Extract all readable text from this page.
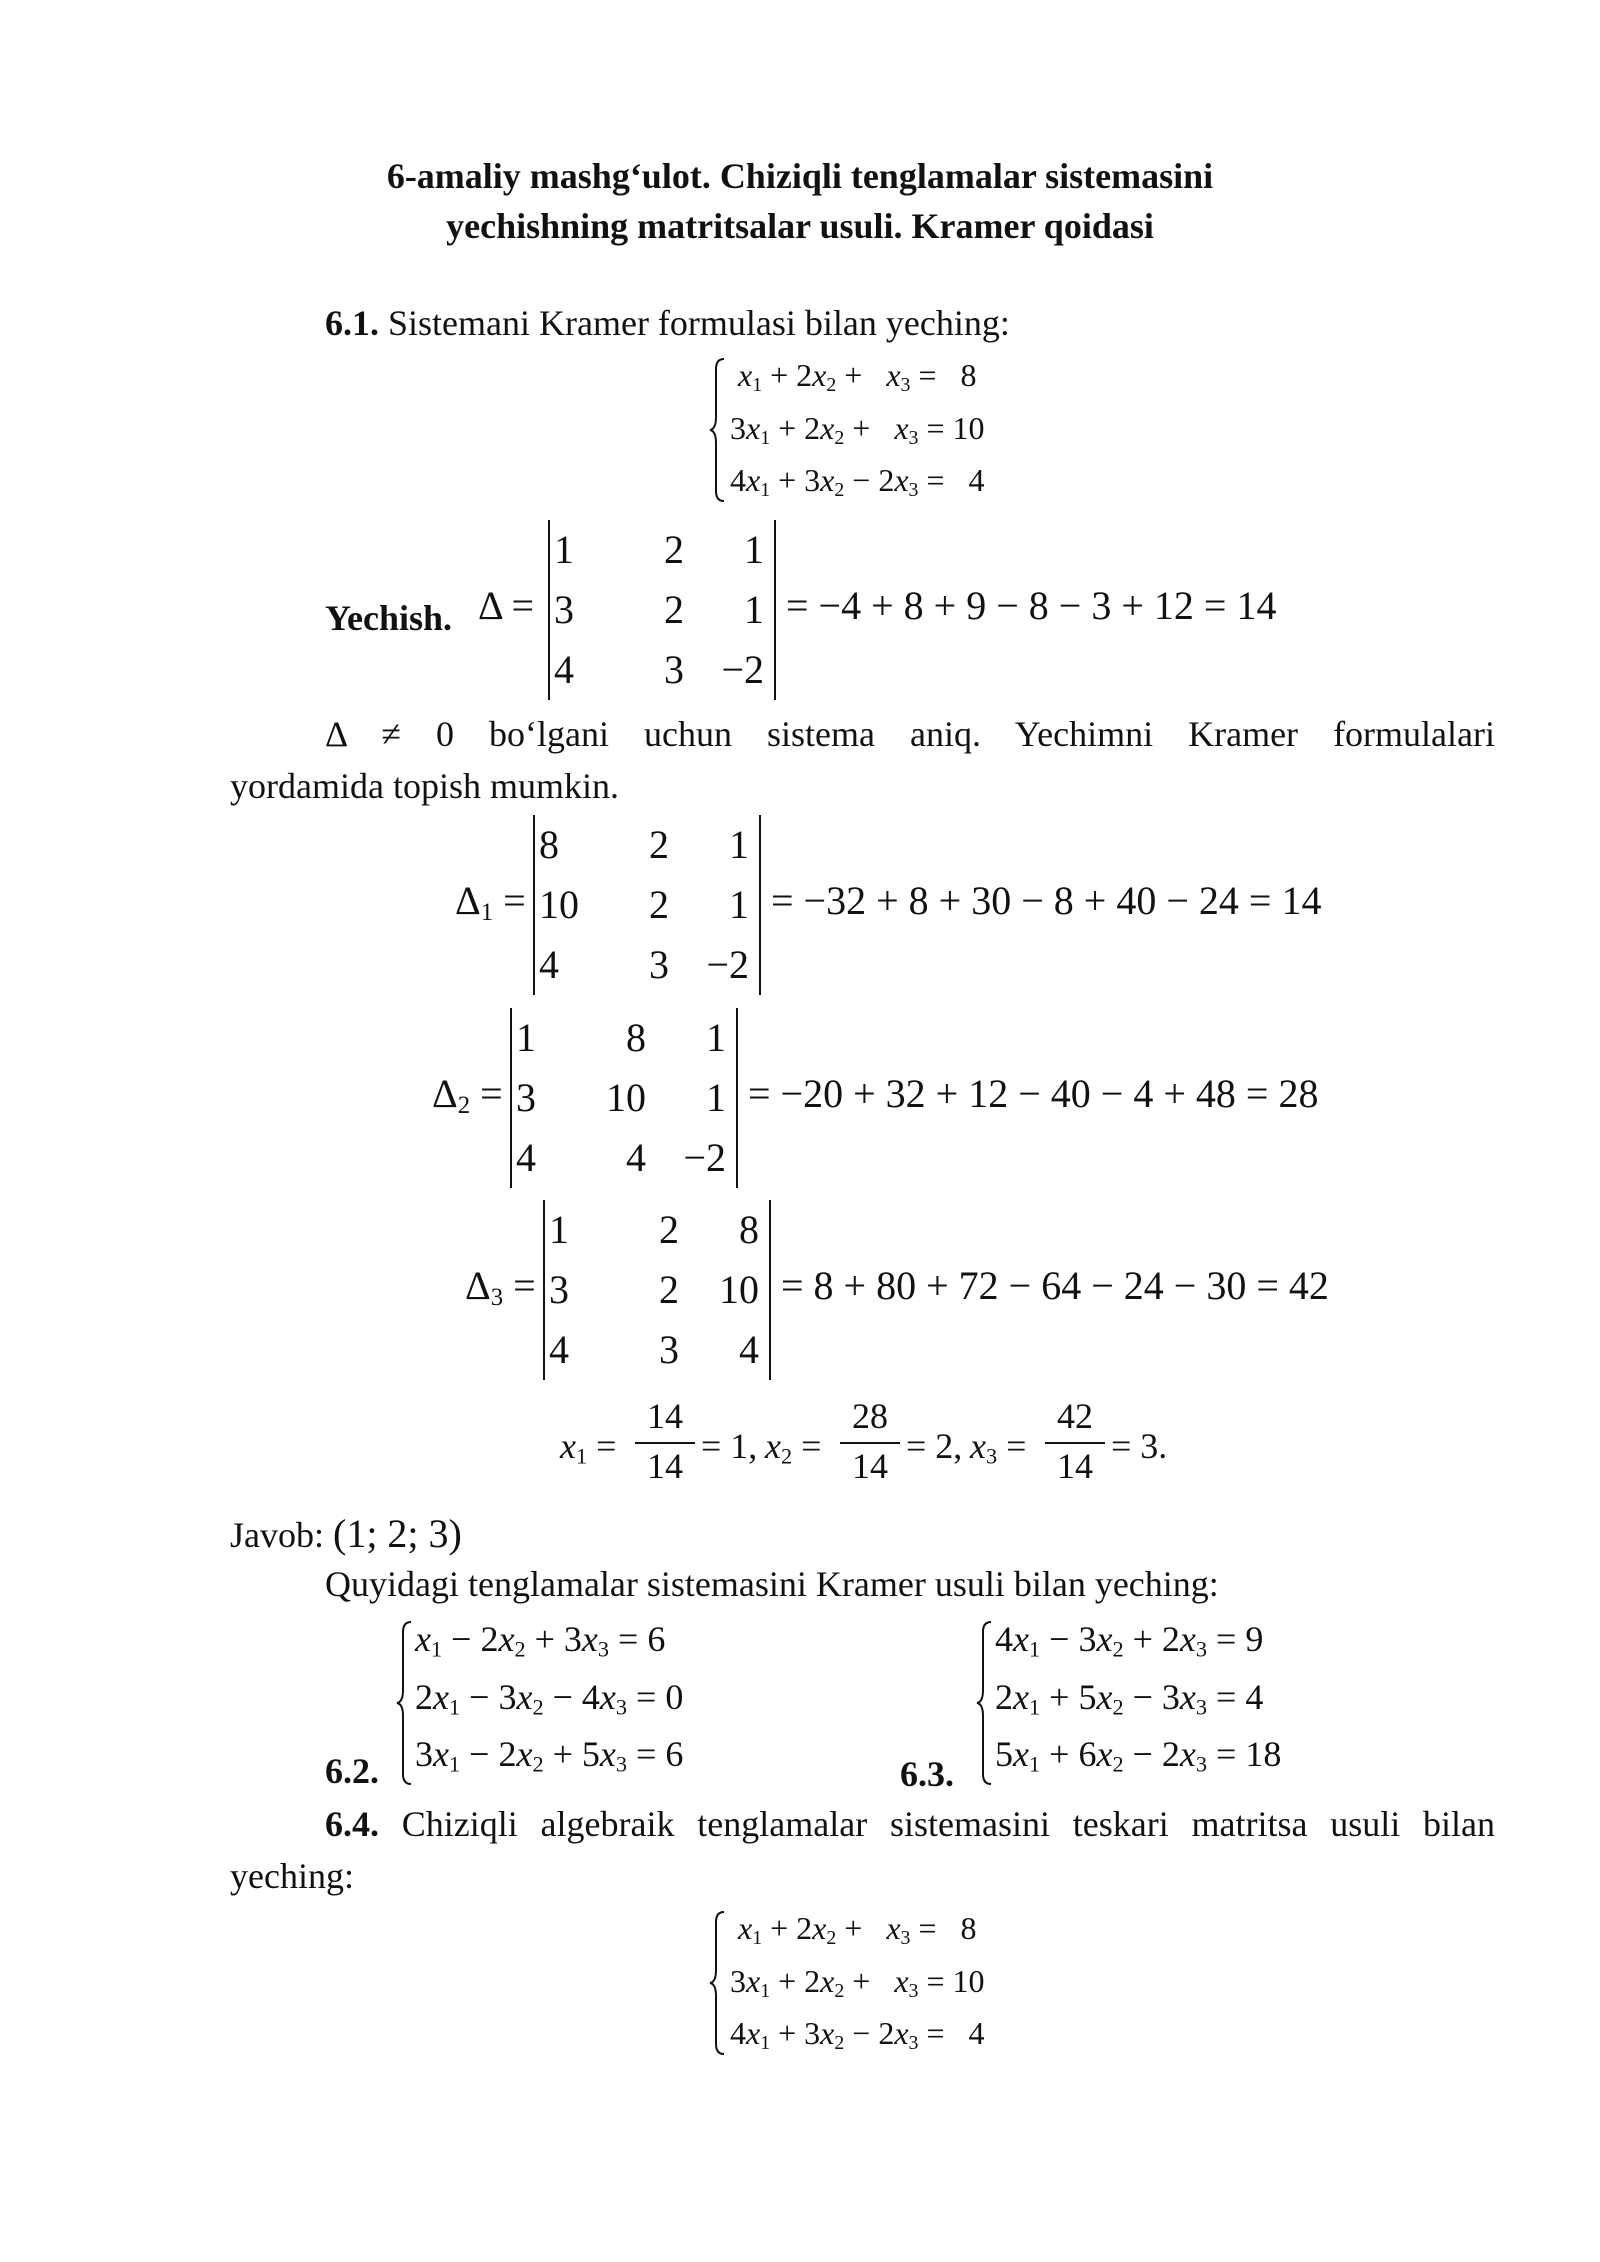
6-amaliy mashg‘ulot. Chiziqli tenglamalar sistemasini
yechishning matritsalar usuli. Kramer qoidasi
6.1. Sistemani Kramer formulasi bilan yeching:
$x_1 + 2x_2 + x_3 = 8$
$3x_1 + 2x_2 + x_3 = 10$
$4x_1 + 3x_2 - 2x_3 = 4$
Yechish. Δ =
1	2	1
3	2	1
4	3 −2
= −4 + 8 + 9 − 8 − 3 + 12 = 14
Δ ≠ 0 bo‘lgani uchun sistema aniq. Yechimni Kramer formulalari
yordamida topish mumkin.
$\Delta_1$ =
8	2	1
10	2	1
4	3 −2
= −32 + 8 + 30 − 8 + 40 − 24 = 14
$\Delta_2$ =
1	8	1
3	10	1
4	4 −2
= −20 + 32 + 12 − 40 − 4 + 48 = 28
$\Delta_3$ =
1	2	8
3	2	10
4	3	4
= 8 + 80 + 72 − 64 − 24 − 30 = 42
$x_1$ =
14
14 = 1, $x_2$ =
28
14 = 2, $x_3$ =
42
14 = 3.
Javob: (1; 2; 3)
Quyidagi tenglamalar sistemasini Kramer usuli bilan yeching:
$x_1 - 2x_2 + 3x_3 = 6$
$2x_1 - 3x_2 - 4x_3 = 0$
$3x_1 - 2x_2 + 5x_3 = 6$
6.2.
$4x_1 - 3x_2 + 2x_3 = 9$
$2x_1 + 5x_2 - 3x_3 = 4$
$5x_1 + 6x_2 - 2x_3 = 18$
6.3.
6.4. Chiziqli algebraik tenglamalar sistemasini teskari matritsa usuli bilan
yeching:
$x_1 + 2x_2 + x_3 = 8$
$3x_1 + 2x_2 + x_3 = 10$
$4x_1 + 3x_2 - 2x_3 = 4$
